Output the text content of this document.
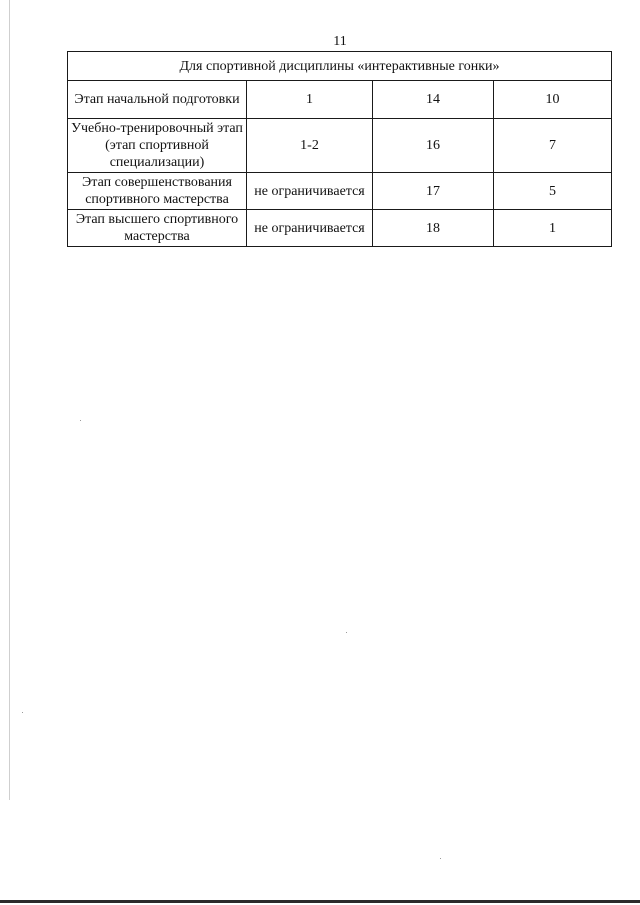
11
Для спортивной дисциплины «интерактивные гонки»			
Этап начальной подготовки	1	14	10
Учебно-тренировочный этап (этап спортивной специализации)	1-2	16	7
Этап совершенствования спортивного мастерства	не ограничивается	17	5
Этап высшего спортивного мастерства	не ограничивается	18	1
